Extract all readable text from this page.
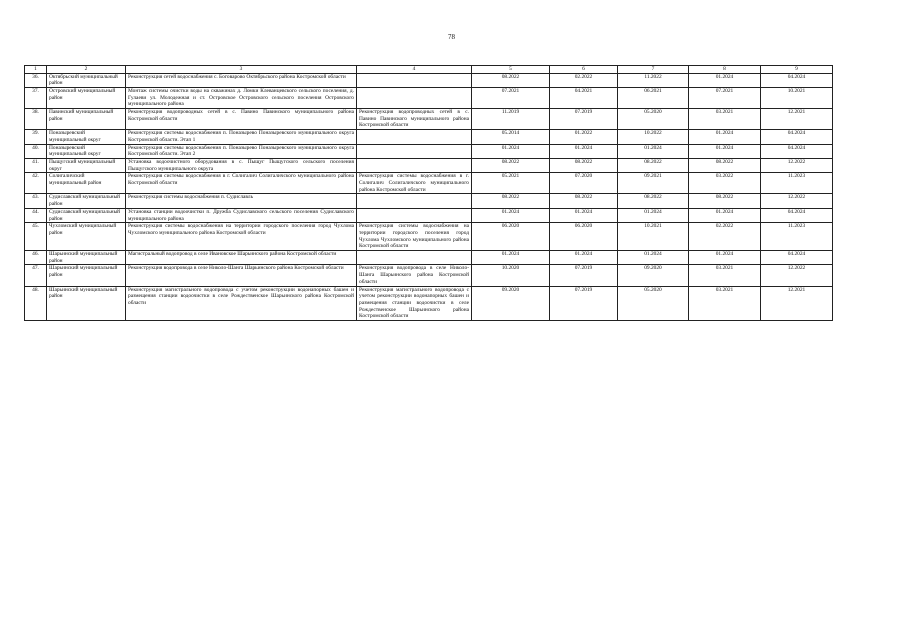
78
1	2	3	4	5	6	7	8	9
36.	Октябрьский муниципальный район	Реконструкция сетей водоснабжения с. Боговарово Октябрьского района Костромской области		08.2022	02.2022	11.2022	01.2024	04.2024
37.	Островский муниципальный район	Монтаж системы очистки воды на скважинах д. Ломки Клеванцевского сельского поселения, д. Гулаеви ул. Молодежная и ст. Островское Островского сельского поселения Островского муниципального района		07.2021	04.2021	06.2021	07.2021	10.2021
38.	Павинский муниципальный район	Реконструкция водопроводных сетей в с. Павино Павинского муниципального района Костромской области	Реконструкция водопроводных сетей в с. Павино Павинского муниципального района Костромской области	11.2019	07.2019	05.2020	03.2021	12.2021
39.	Поназыревский муниципальный округ	Реконструкция системы водоснабжения п. Поназырево Поназыревского муниципального округа Костромской области. Этап 1		05.2014	01.2022	10.2022	01.2024	04.2024
40.	Поназыревский муниципальный округ	Реконструкция системы водоснабжения п. Поназырево Поназыревского муниципального округа Костромской области. Этап 2		01.2024	01.2024	01.2024	01.2024	04.2024
41.	Пыщугский муниципальный округ	Установка водоочистного оборудования в с. Пыщуг Пыщугского сельского поселения Пыщугского муниципального округа		08.2022	08.2022	08.2022	08.2022	12.2022
42.	Солигаличский муниципальный район	Реконструкция системы водоснабжения в г. Солигалич Солигаличского муниципального района Костромской области	Реконструкция системы водоснабжения в г. Солигалич Солигаличского муниципального района Костромской области	05.2021	07.2020	09.2021	03.2022	11.2023
43.	Судиславский муниципальный район	Реконструкция системы водоснабжения п. Судиславль		08.2022	08.2022	08.2022	08.2022	12.2022
44.	Судиславский муниципальный район	Установка станции водоочистки п. Дружба Судиславского сельского поселения Судиславского муниципального района		01.2024	01.2024	01.2024	01.2024	04.2024
45.	Чухломский муниципальный район	Реконструкция системы водоснабжения на территории городского поселения город Чухлома Чухломского муниципального района Костромской области	Реконструкция системы водоснабжения на территории городского поселения город Чухлома Чухломского муниципального района Костромской области	06.2020	06.2020	10.2021	02.2022	11.2023
46.	Шарьинский муниципальный район	Магистральный водопровод в селе Ивановское Шарьинского района Костромской области		01.2024	01.2024	01.2024	01.2024	04.2024
47.	Шарьинский муниципальный район	Реконструкция водопровода в селе Николо-Шанга Шарьинского района Костромской области	Реконструкция водопровода в селе Николо-Шанга Шарьинского района Костромской области	10.2020	07.2019	09.2020	03.2021	12.2022
48.	Шарьинский муниципальный район	Реконструкция магистрального водопровода с учетом реконструкции водонапорных башен и размещения станции водоочистки в селе Рождественское Шарьинского района Костромской области	Реконструкция магистрального водопровода с учетом реконструкции водонапорных башен и размещения станции водоочистки в селе Рождественское Шарьинского района Костромской области	09.2020	07.2019	05.2020	03.2021	12.2021
